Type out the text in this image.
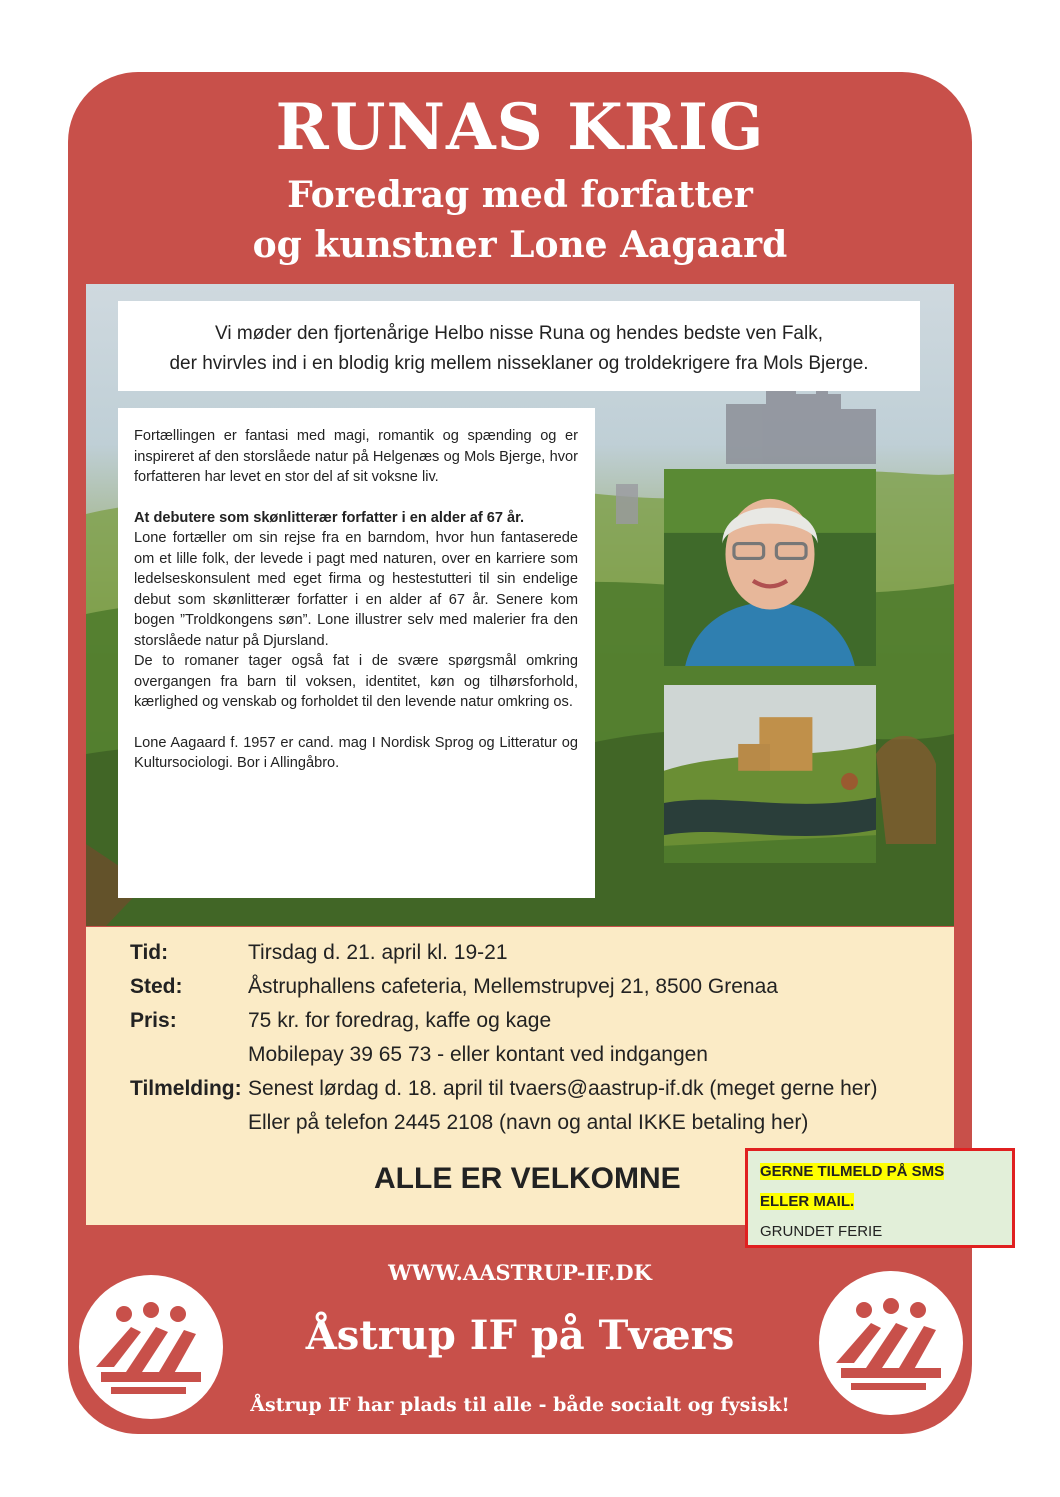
RUNAS KRIG
Foredrag med forfatter
og kunstner Lone Aagaard
Vi møder den fjortenårige Helbo nisse Runa og hendes bedste ven Falk,
der hvirvles ind i en blodig krig mellem nisseklaner og troldekrigere fra Mols Bjerge.

Fortællingen er fantasi med magi, romantik og spænding og er inspireret af den storslåede natur på Helgenæs og Mols Bjerge, hvor forfatteren har levet en stor del af sit voksne liv.

At debutere som skønlitterær forfatter i en alder af 67 år.

Lone fortæller om sin rejse fra en barndom, hvor hun fantaserede om et lille folk, der levede i pagt med naturen, over en karriere som ledelseskonsulent med eget firma og hestestutteri til sin endelige debut som skønlitterær forfatter i en alder af 67 år. Senere kom bogen ”Troldkongens søn”. Lone illustrer selv med malerier fra den storslåede natur på Djursland.

De to romaner tager også fat i de svære spørgsmål omkring overgangen fra barn til voksen, identitet, køn og tilhørsforhold, kærlighed og venskab og forholdet til den levende natur omkring os.

Lone Aagaard f. 1957 er cand. mag I Nordisk Sprog og Litteratur og Kultursociologi. Bor i Allingåbro.

Tid:	Tirsdag d. 21. april kl. 19-21
Sted:	Åstruphallens cafeteria, Mellemstrupvej 21, 8500 Grenaa
Pris:	75 kr. for foredrag, kaffe og kage
Mobilepay 39 65 73 - eller kontant ved indgangen
Tilmelding: Senest lørdag d. 18. april til tvaers@aastrup-if.dk (meget gerne her)
Eller på telefon 2445 2108 (navn og antal IKKE betaling her)
ALLE ER VELKOMNE
WWW.AASTRUP-IF.DK
Åstrup IF på Tværs
Åstrup IF har plads til alle - både socialt og fysisk!
GERNE TILMELD PÅ SMS
ELLER MAIL.
GRUNDET FERIE
